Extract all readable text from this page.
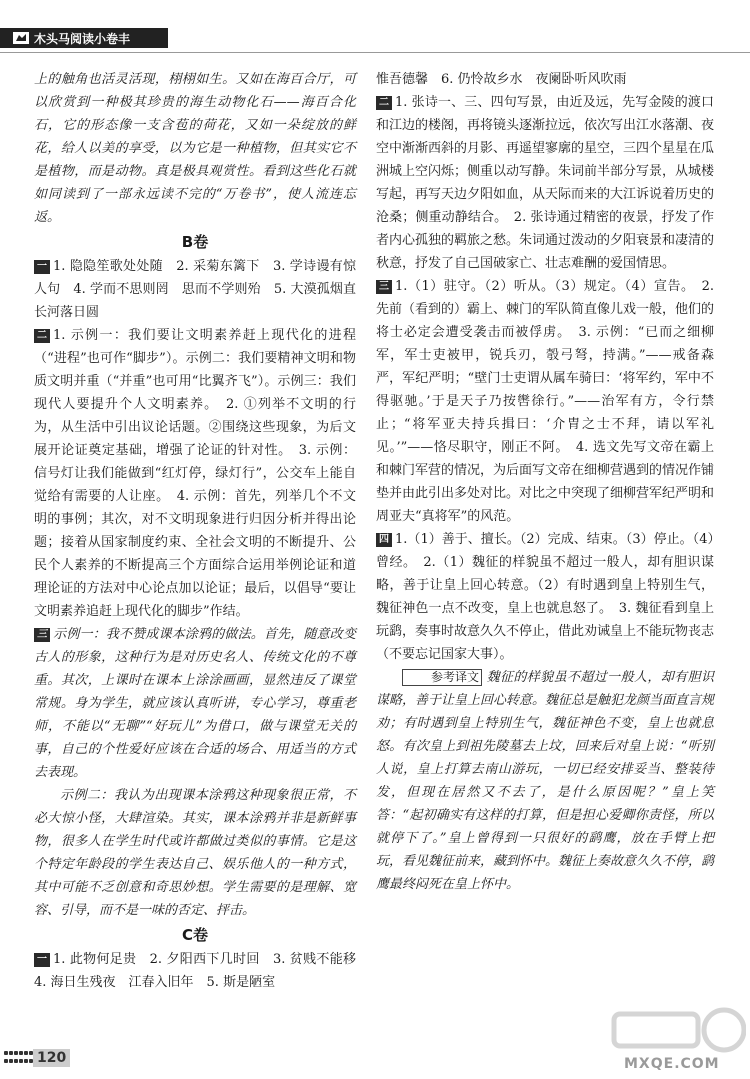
木头马阅读小卷丰

上的触角也活灵活现，栩栩如生。又如在海百合厅，可以欣赏到一种极其珍贵的海生动物化石——海百合化石，它的形态像一支含苞的荷花，又如一朵绽放的鲜花，给人以美的享受，以为它是一种植物，但其实它不是植物，而是动物。真是极具观赏性。看到这些化石就如同读到了一部永远读不完的“万卷书”，使人流连忘返。

B卷

一 1. 隐隐笙歌处处随　2. 采菊东篱下　3. 学诗谩有惊人句　4. 学而不思则罔　思而不学则殆　5. 大漠孤烟直　长河落日圆

二 1. 示例一：我们要让文明素养赶上现代化的进程（“进程”也可作“脚步”）。示例二：我们要精神文明和物质文明并重（“并重”也可用“比翼齐飞”）。示例三：我们现代人要提升个人文明素养。　2. ①列举不文明的行为，从生活中引出议论话题。②围绕这些现象，为后文展开论证奠定基础，增强了论证的针对性。　3. 示例：信号灯让我们能做到“红灯停，绿灯行”，公交车上能自觉给有需要的人让座。　4. 示例：首先，列举几个不文明的事例；其次，对不文明现象进行归因分析并得出论题；接着从国家制度约束、全社会文明的不断提升、公民个人素养的不断提高三个方面综合运用举例论证和道理论证的方法对中心论点加以论证；最后，以倡导“要让文明素养追赶上现代化的脚步”作结。

三 示例一：我不赞成课本涂鸦的做法。首先，随意改变古人的形象，这种行为是对历史名人、传统文化的不尊重。其次，上课时在课本上涂涂画画，显然违反了课堂常规。身为学生，就应该认真听讲，专心学习，尊重老师，不能以“无聊”“好玩儿”为借口，做与课堂无关的事，自己的个性爱好应该在合适的场合、用适当的方式去表现。

示例二：我认为出现课本涂鸦这种现象很正常，不必大惊小怪，大肆渲染。其实，课本涂鸦并非是新鲜事物，很多人在学生时代或许都做过类似的事情。它是这个特定年龄段的学生表达自己、娱乐他人的一种方式，其中可能不乏创意和奇思妙想。学生需要的是理解、宽容、引导，而不是一味的否定、抨击。

C卷

一 1. 此物何足贵　2. 夕阳西下几时回　3. 贫贱不能移　4. 海日生残夜　江春入旧年　5. 斯是陋室

惟吾德馨　6. 仍怜故乡水　夜阑卧听风吹雨

二 1. 张诗一、三、四句写景，由近及远，先写金陵的渡口和江边的楼阁，再将镜头逐渐拉远，依次写出江水落潮、夜空中渐渐西斜的月影、再遥望寥廓的星空，三四个星星在瓜洲城上空闪烁；侧重以动写静。朱词前半部分写景，从城楼写起，再写天边夕阳如血，从天际而来的大江诉说着历史的沧桑；侧重动静结合。　2. 张诗通过精密的夜景，抒发了作者内心孤独的羁旅之愁。朱词通过泼动的夕阳衰景和凄清的秋意，抒发了自己国破家亡、壮志难酬的爱国情思。

三 1.（1）驻守。（2）听从。（3）规定。（4）宣告。　2. 先前（看到的）霸上、棘门的军队简直像儿戏一般，他们的将士必定会遭受袭击而被俘虏。　3. 示例：“已而之细柳军，军士吏被甲，锐兵刃，彀弓弩，持满。”——戒备森严，军纪严明；“壁门士吏谓从属车骑曰：‘将军约，军中不得驱驰。’于是天子乃按辔徐行。”——治军有方，令行禁止；“将军亚夫持兵揖曰：‘介胄之士不拜，请以军礼见。’”——恪尽职守，刚正不阿。　4. 选文先写文帝在霸上和棘门军营的情况，为后面写文帝在细柳营遇到的情况作铺垫并由此引出多处对比。对比之中突现了细柳营军纪严明和周亚夫“真将军”的风范。

四 1.（1）善于、擅长。（2）完成、结束。（3）停止。（4）曾经。　2.（1）魏征的样貌虽不超过一般人，却有胆识谋略，善于让皇上回心转意。（2）有时遇到皇上特别生气，魏征神色一点不改变，皇上也就息怒了。　3. 魏征看到皇上玩鹞，奏事时故意久久不停止，借此劝诫皇上不能玩物丧志（不要忘记国家大事）。

参考译文 魏征的样貌虽不超过一般人，却有胆识谋略，善于让皇上回心转意。魏征总是触犯龙颜当面直言规劝；有时遇到皇上特别生气，魏征神色不变，皇上也就息怒。有次皇上到祖先陵墓去上坟，回来后对皇上说：“听别人说，皇上打算去南山游玩，一切已经安排妥当、整装待发，但现在居然又不去了，是什么原因呢？”皇上笑答：“起初确实有这样的打算，但是担心爱卿你责怪，所以就停下了。”皇上曾得到一只很好的鹞鹰，放在手臂上把玩，看见魏征前来，藏到怀中。魏征上奏故意久久不停，鹞鹰最终闷死在皇上怀中。

120	MXQE.COM
